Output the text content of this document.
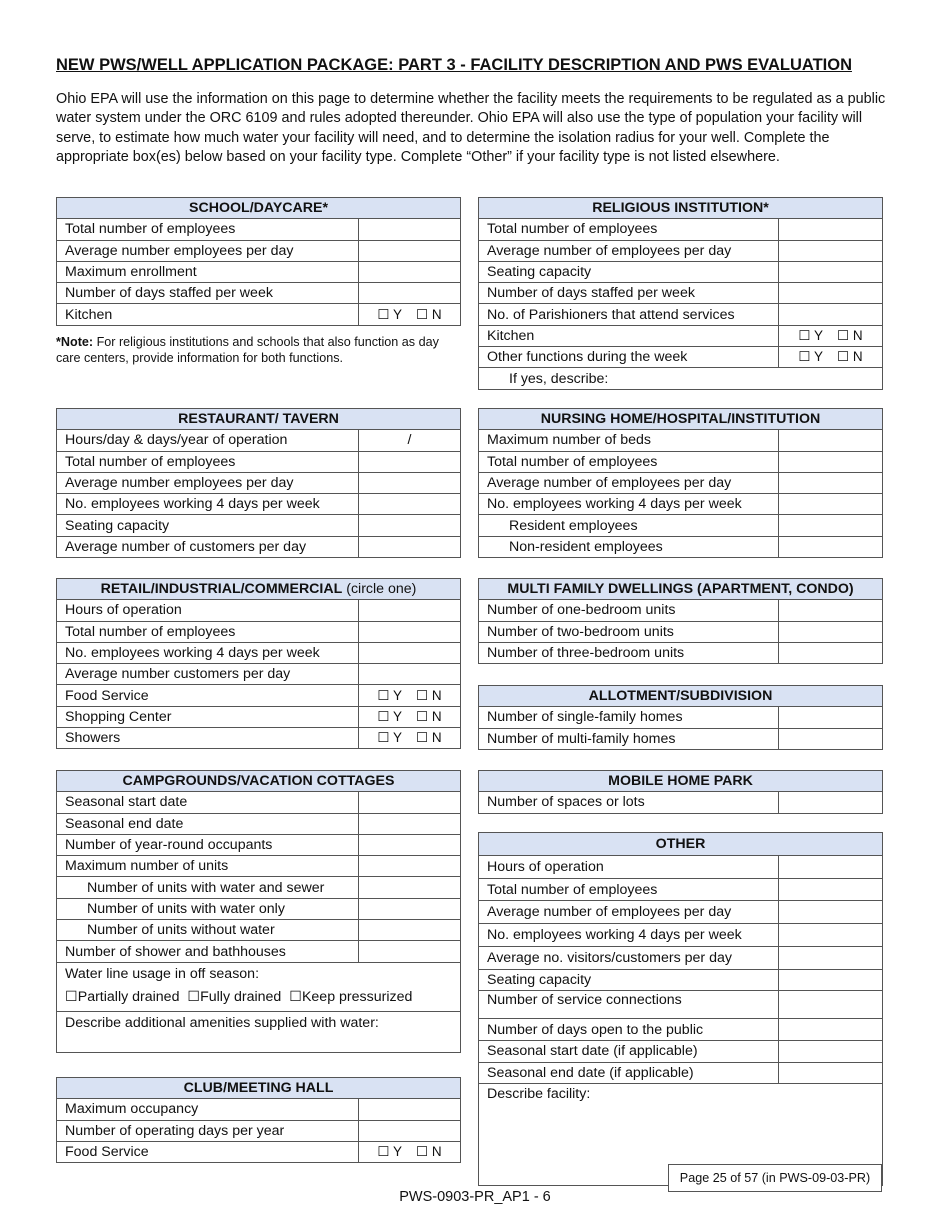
NEW PWS/WELL APPLICATION PACKAGE: PART 3 - FACILITY DESCRIPTION AND PWS EVALUATION
Ohio EPA will use the information on this page to determine whether the facility meets the requirements to be regulated as a public water system under the ORC 6109 and rules adopted thereunder. Ohio EPA will also use the type of population your facility will serve, to estimate how much water your facility will need, and to determine the isolation radius for your well. Complete the appropriate box(es) below based on your facility type. Complete “Other” if your facility type is not listed elsewhere.
SCHOOL/DAYCARE*	
Total number of employees	
Average number employees per day	
Maximum enrollment	
Number of days staffed per week	
Kitchen	☐ Y ☐ N
*Note: For religious institutions and schools that also function as day care centers, provide information for both functions.
RELIGIOUS INSTITUTION*	
Total number of employees	
Average number of employees per day	
Seating capacity	
Number of days staffed per week	
No. of Parishioners that attend services	
Kitchen	☐ Y ☐ N
Other functions during the week	☐ Y ☐ N
If yes, describe:	
RESTAURANT/ TAVERN	
Hours/day & days/year of operation	/
Total number of employees	
Average number employees per day	
No. employees working 4 days per week	
Seating capacity	
Average number of customers per day	
NURSING HOME/HOSPITAL/INSTITUTION	
Maximum number of beds	
Total number of employees	
Average number of employees per day	
No. employees working 4 days per week	
Resident employees	
Non-resident employees	
RETAIL/INDUSTRIAL/COMMERCIAL (circle one)	
Hours of operation	
Total number of employees	
No. employees working 4 days per week	
Average number customers per day	
Food Service	☐ Y ☐ N
Shopping Center	☐ Y ☐ N
Showers	☐ Y ☐ N
MULTI FAMILY DWELLINGS (APARTMENT, CONDO)	
Number of one-bedroom units	
Number of two-bedroom units	
Number of three-bedroom units	
ALLOTMENT/SUBDIVISION	
Number of single-family homes	
Number of multi-family homes	
CAMPGROUNDS/VACATION COTTAGES	
Seasonal start date	
Seasonal end date	
Number of year-round occupants	
Maximum number of units	
Number of units with water and sewer	
Number of units with water only	
Number of units without water	
Number of shower and bathhouses	

Water line usage in off season:
☐Partially drained ☐Fully drained ☐Keep pressurized	

Describe additional amenities supplied with water:	
MOBILE HOME PARK
Number of spaces or lots	
OTHER	
Hours of operation	
Total number of employees	
Average number of employees per day	
No. employees working 4 days per week	
Average no. visitors/customers per day	
Seating capacity	
Number of service connections	
Number of days open to the public	
Seasonal start date (if applicable)	
Seasonal end date (if applicable)	
Describe facility:	
CLUB/MEETING HALL	
Maximum occupancy	
Number of operating days per year	
Food Service	☐ Y ☐ N
Page 25 of 57 (in PWS-09-03-PR)
PWS-0903-PR_AP1 - 6
